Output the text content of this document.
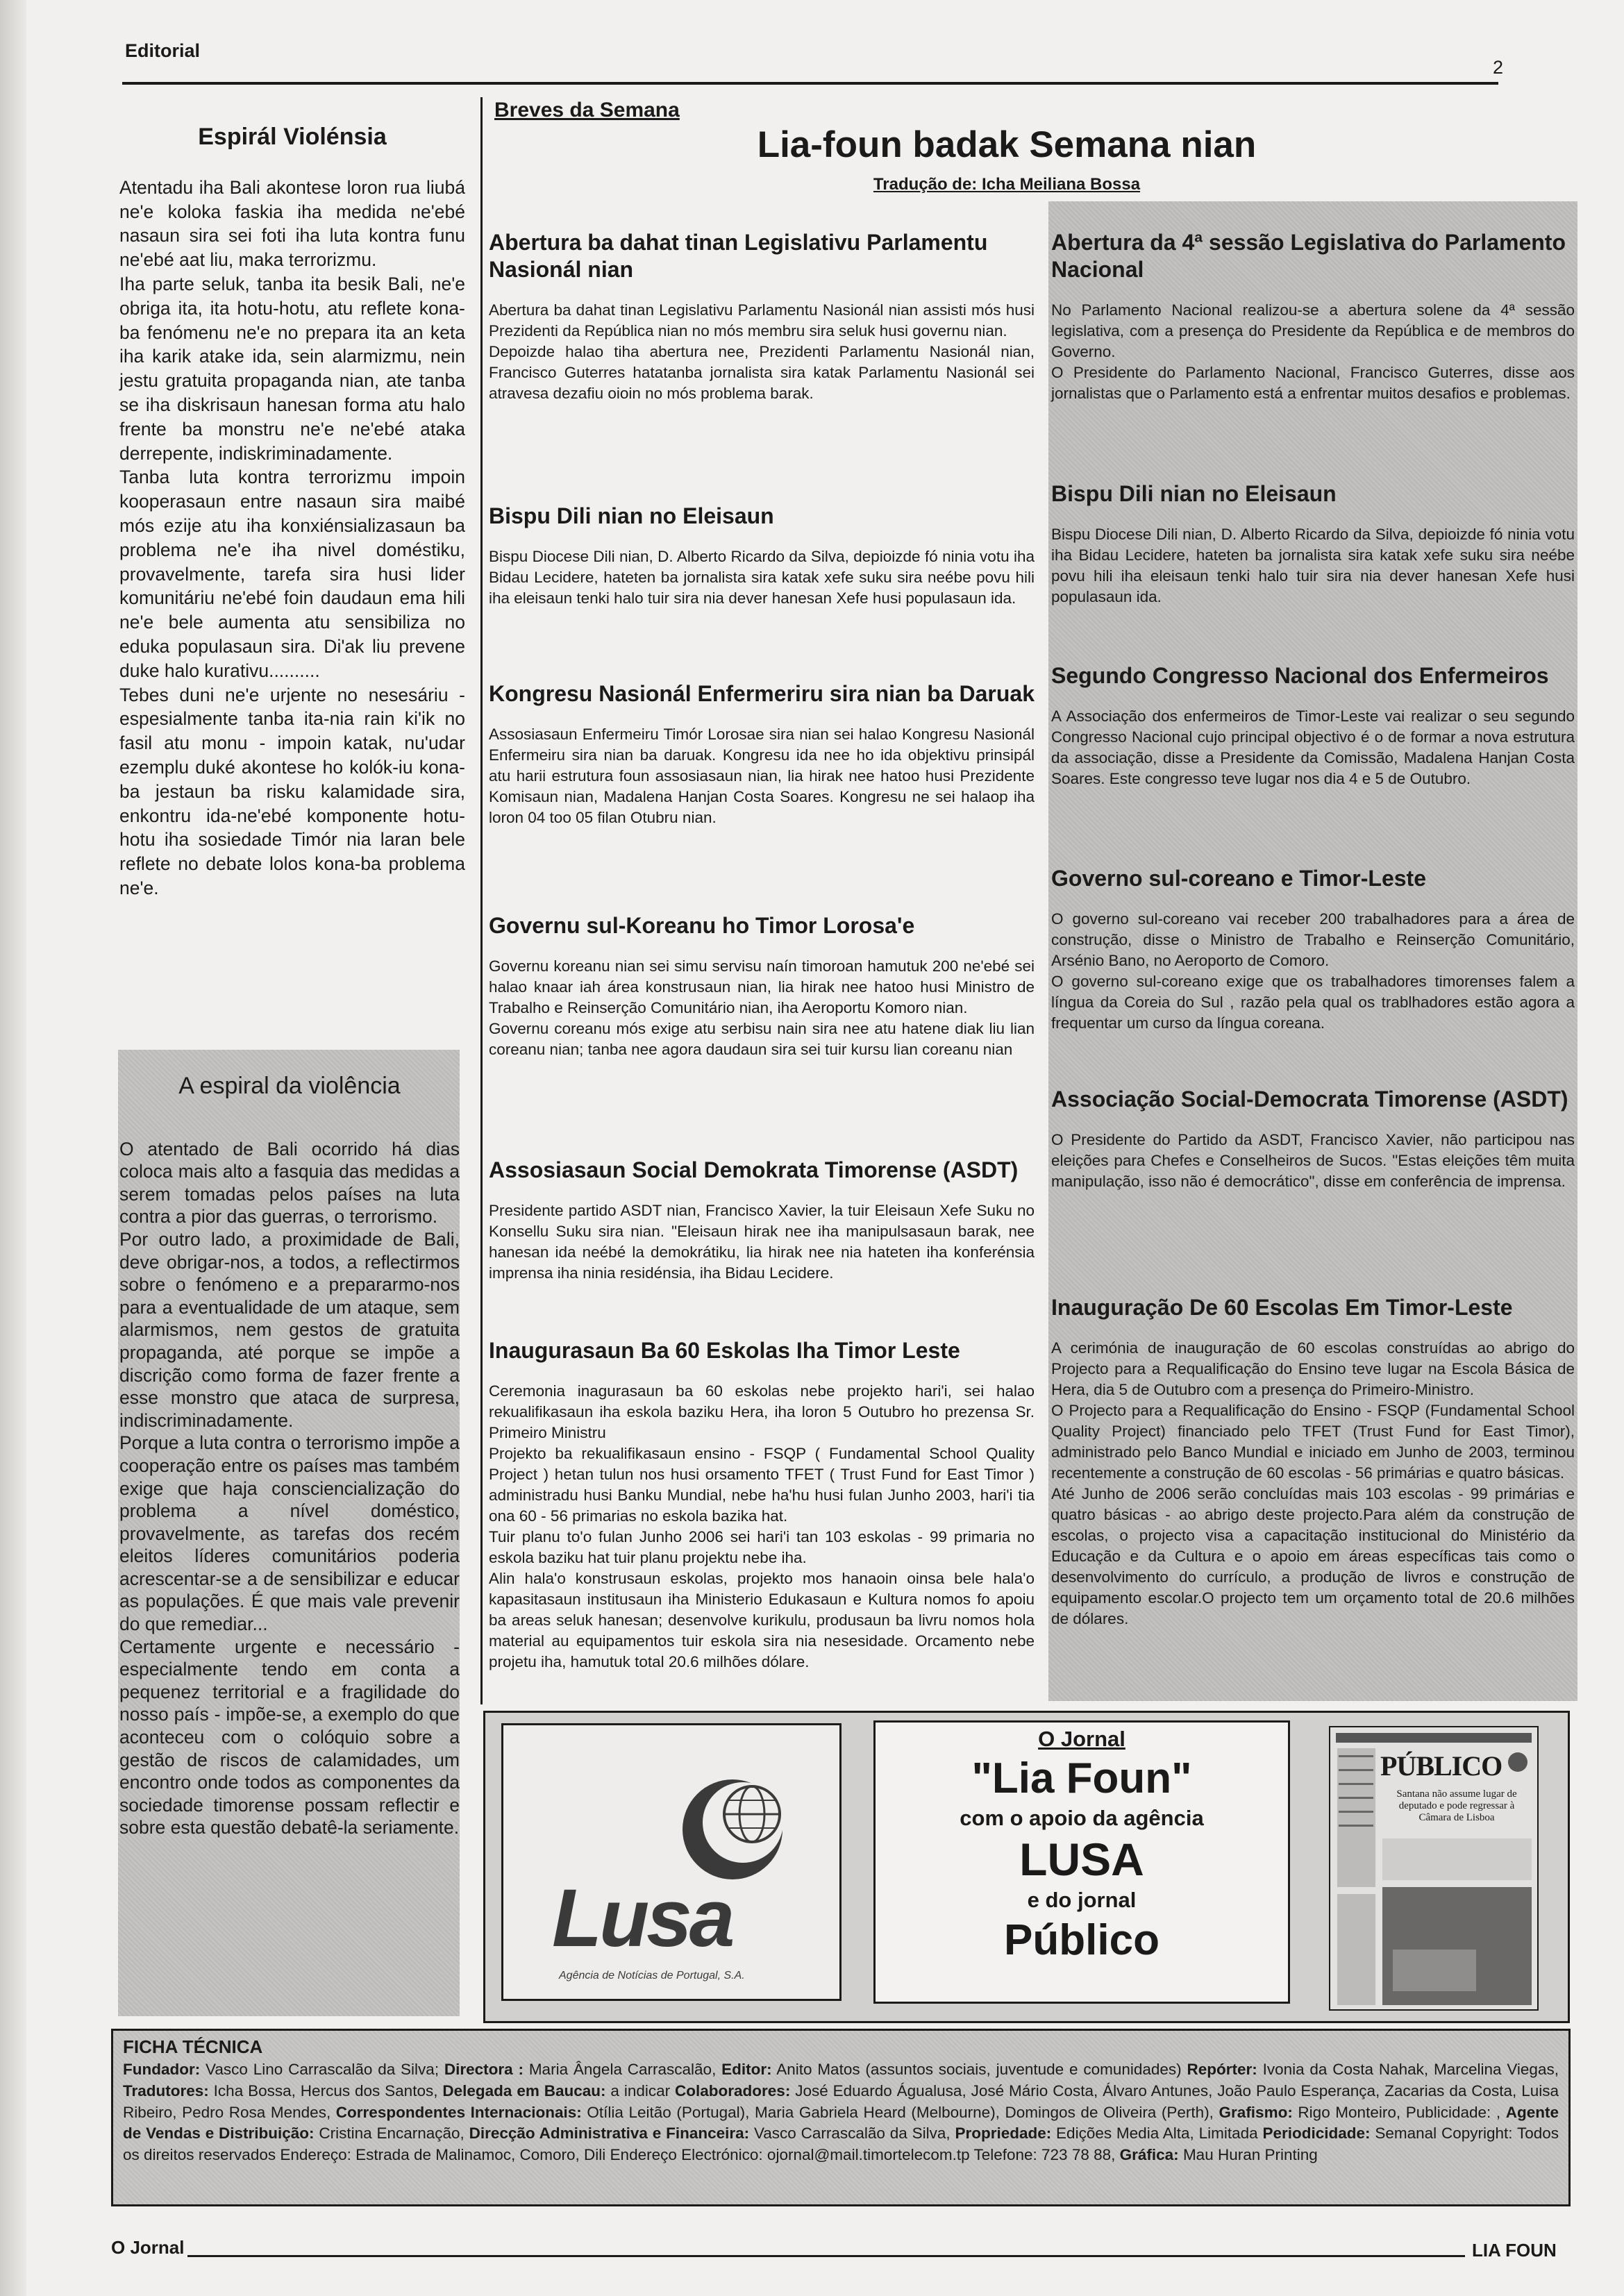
Editorial
2
Espirál Violénsia

Atentadu iha Bali akontese loron rua liubá ne'e koloka faskia iha medida ne'ebé nasaun sira sei foti iha luta kontra funu ne'ebé aat liu, maka terrorizmu.

Iha parte seluk, tanba ita besik Bali, ne'e obriga ita, ita hotu-hotu, atu reflete kona-ba fenómenu ne'e no prepara ita an keta iha karik atake ida, sein alarmizmu, nein jestu gratuita propaganda nian, ate tanba se iha diskrisaun hanesan forma atu halo frente ba monstru ne'e ne'ebé ataka derrepente, indiskriminadamente.

Tanba luta kontra terrorizmu impoin kooperasaun entre nasaun sira maibé mós ezije atu iha konxiénsializasaun ba problema ne'e iha nivel doméstiku, provavelmente, tarefa sira husi lider komunitáriu ne'ebé foin daudaun ema hili ne'e bele aumenta atu sensibiliza no eduka populasaun sira. Di'ak liu prevene duke halo kurativu..........

Tebes duni ne'e urjente no nesesáriu - espesialmente tanba ita-nia rain ki'ik no fasil atu monu - impoin katak, nu'udar ezemplu duké akontese ho kolók-iu kona-ba jestaun ba risku kalamidade sira, enkontru ida-ne'ebé komponente hotu-hotu iha sosiedade Timór nia laran bele reflete no debate lolos kona-ba problema ne'e.

A espiral da violência

O atentado de Bali ocorrido há dias coloca mais alto a fasquia das medidas a serem tomadas pelos países na luta contra a pior das guerras, o terrorismo.

Por outro lado, a proximidade de Bali, deve obrigar-nos, a todos, a reflectirmos sobre o fenómeno e a prepararmo-nos para a eventualidade de um ataque, sem alarmismos, nem gestos de gratuita propaganda, até porque se impõe a discrição como forma de fazer frente a esse monstro que ataca de surpresa, indiscriminadamente.

Porque a luta contra o terrorismo impõe a cooperação entre os países mas também exige que haja consciencialização do problema a nível doméstico, provavelmente, as tarefas dos recém eleitos líderes comunitários poderia acrescentar-se a de sensibilizar e educar as populações. É que mais vale prevenir do que remediar...

Certamente urgente e necessário - especialmente tendo em conta a pequenez territorial e a fragilidade do nosso país - impõe-se, a exemplo do que aconteceu com o colóquio sobre a gestão de riscos de calamidades, um encontro onde todos as componentes da sociedade timorense possam reflectir e sobre esta questão debatê-la seriamente.

Breves da Semana
Lia-foun badak Semana nian
Tradução de: Icha Meiliana Bossa
Abertura ba dahat tinan Legislativu Parlamentu Nasionál nian

Abertura ba dahat tinan Legislativu Parlamentu Nasionál nian assisti mós husi Prezidenti da República nian no mós membru sira seluk husi governu nian.

Depoizde halao tiha abertura nee, Prezidenti Parlamentu Nasionál nian, Francisco Guterres hatatanba jornalista sira katak Parlamentu Nasionál sei atravesa dezafiu oioin no mós problema barak.

Bispu Dili nian no Eleisaun

Bispu Diocese Dili nian, D. Alberto Ricardo da Silva, depioizde fó ninia votu iha Bidau Lecidere, hateten ba jornalista sira katak xefe suku sira neébe povu hili iha eleisaun tenki halo tuir sira nia dever hanesan Xefe husi populasaun ida.

Kongresu Nasionál Enfermeriru sira nian ba Daruak

Assosiasaun Enfermeiru Timór Lorosae sira nian sei halao Kongresu Nasionál Enfermeiru sira nian ba daruak. Kongresu ida nee ho ida objektivu prinsipál atu harii estrutura foun assosiasaun nian, lia hirak nee hatoo husi Prezidente Komisaun nian, Madalena Hanjan Costa Soares. Kongresu ne sei halaop iha loron 04 too 05 filan Otubru nian.

Governu sul-Koreanu ho Timor Lorosa'e

Governu koreanu nian sei simu servisu naín timoroan hamutuk 200 ne'ebé sei halao knaar iah área konstrusaun nian, lia hirak nee hatoo husi Ministro de Trabalho e Reinserção Comunitário nian, iha Aeroportu Komoro nian.

Governu coreanu mós exige atu serbisu nain sira nee atu hatene diak liu lian coreanu nian; tanba nee agora daudaun sira sei tuir kursu lian coreanu nian

Assosiasaun Social Demokrata Timorense (ASDT)

Presidente partido ASDT nian, Francisco Xavier, la tuir Eleisaun Xefe Suku no Konsellu Suku sira nian. "Eleisaun hirak nee iha manipulsasaun barak, nee hanesan ida neébé la demokrátiku, lia hirak nee nia hateten iha konferénsia imprensa iha ninia residénsia, iha Bidau Lecidere.

Inaugurasaun Ba 60 Eskolas Iha Timor Leste

Ceremonia inagurasaun ba 60 eskolas nebe projekto hari'i, sei halao rekualifikasaun iha eskola baziku Hera, iha loron 5 Outubro ho prezensa Sr. Primeiro Ministru

Projekto ba rekualifikasaun ensino - FSQP ( Fundamental School Quality Project ) hetan tulun nos husi orsamento TFET ( Trust Fund for East Timor ) administradu husi Banku Mundial, nebe ha'hu husi fulan Junho 2003, hari'i tia ona 60 - 56 primarias no eskola bazika hat.

Tuir planu to'o fulan Junho 2006 sei hari'i tan 103 eskolas - 99 primaria no eskola baziku hat tuir planu projektu nebe iha.

Alin hala'o konstrusaun eskolas, projekto mos hanaoin oinsa bele hala'o kapasitasaun institusaun iha Ministerio Edukasaun e Kultura nomos fo apoiu ba areas seluk hanesan; desenvolve kurikulu, produsaun ba livru nomos hola material au equipamentos tuir eskola sira nia nesesidade. Orcamento nebe projetu iha, hamutuk total 20.6 milhões dólare.

Abertura da 4ª sessão Legislativa do Parlamento Nacional

No Parlamento Nacional realizou-se a abertura solene da 4ª sessão legislativa, com a presença do Presidente da República e de membros do Governo.

O Presidente do Parlamento Nacional, Francisco Guterres, disse aos jornalistas que o Parlamento está a enfrentar muitos desafios e problemas.

Bispu Dili nian no Eleisaun

Bispu Diocese Dili nian, D. Alberto Ricardo da Silva, depioizde fó ninia votu iha Bidau Lecidere, hateten ba jornalista sira katak xefe suku sira neébe povu hili iha eleisaun tenki halo tuir sira nia dever hanesan Xefe husi populasaun ida.

Segundo Congresso Nacional dos Enfermeiros

A Associação dos enfermeiros de Timor-Leste vai realizar o seu segundo Congresso Nacional cujo principal objectivo é o de formar a nova estrutura da associação, disse a Presidente da Comissão, Madalena Hanjan Costa Soares. Este congresso teve lugar nos dia 4 e 5 de Outubro.

Governo sul-coreano e Timor-Leste

O governo sul-coreano vai receber 200 trabalhadores para a área de construção, disse o Ministro de Trabalho e Reinserção Comunitário, Arsénio Bano, no Aeroporto de Comoro.

O governo sul-coreano exige que os trabalhadores timorenses falem a língua da Coreia do Sul , razão pela qual os trablhadores estão agora a frequentar um curso da língua coreana.

Associação Social-Democrata Timorense (ASDT)

O Presidente do Partido da ASDT, Francisco Xavier, não participou nas eleições para Chefes e Conselheiros de Sucos. "Estas eleições têm muita manipulação, isso não é democrático", disse em conferência de imprensa.

Inauguração De 60 Escolas Em Timor-Leste

A cerimónia de inauguração de 60 escolas construídas ao abrigo do Projecto para a Requalificação do Ensino teve lugar na Escola Básica de Hera, dia 5 de Outubro com a presença do Primeiro-Ministro.

O Projecto para a Requalificação do Ensino - FSQP (Fundamental School Quality Project) financiado pelo TFET (Trust Fund for East Timor), administrado pelo Banco Mundial e iniciado em Junho de 2003, terminou recentemente a construção de 60 escolas - 56 primárias e quatro básicas.

Até Junho de 2006 serão concluídas mais 103 escolas - 99 primárias e quatro básicas - ao abrigo deste projecto.Para além da construção de escolas, o projecto visa a capacitação institucional do Ministério da Educação e da Cultura e o apoio em áreas específicas tais como o desenvolvimento do currículo, a produção de livros e construção de equipamento escolar.O projecto tem um orçamento total de 20.6 milhões de dólares.

Lusa
Agência de Notícias de Portugal, S.A.
O Jornal
"Lia Foun"
com o apoio da agência
LUSA
e do jornal
Público
PÚBLICO
Santana não assume lugar de deputado e pode regressar à Câmara de Lisboa
FICHA TÉCNICA

Fundador: Vasco Lino Carrascalão da Silva; Directora : Maria Ângela Carrascalão, Editor: Anito Matos (assuntos sociais, juventude e comunidades) Repórter: Ivonia da Costa Nahak, Marcelina Viegas, Tradutores: Icha Bossa, Hercus dos Santos, Delegada em Baucau: a indicar Colaboradores: José Eduardo Águalusa, José Mário Costa, Álvaro Antunes, João Paulo Esperança, Zacarias da Costa, Luisa Ribeiro, Pedro Rosa Mendes, Correspondentes Internacionais: Otília Leitão (Portugal), Maria Gabriela Heard (Melbourne), Domingos de Oliveira (Perth), Grafismo: Rigo Monteiro, Publicidade: , Agente de Vendas e Distribuição: Cristina Encarnação, Direcção Administrativa e Financeira: Vasco Carrascalão da Silva, Propriedade: Edições Media Alta, Limitada Periodicidade: Semanal Copyright: Todos os direitos reservados Endereço: Estrada de Malinamoc, Comoro, Dili Endereço Electrónico: ojornal@mail.timortelecom.tp Telefone: 723 78 88, Gráfica: Mau Huran Printing

O Jornal	LIA FOUN
